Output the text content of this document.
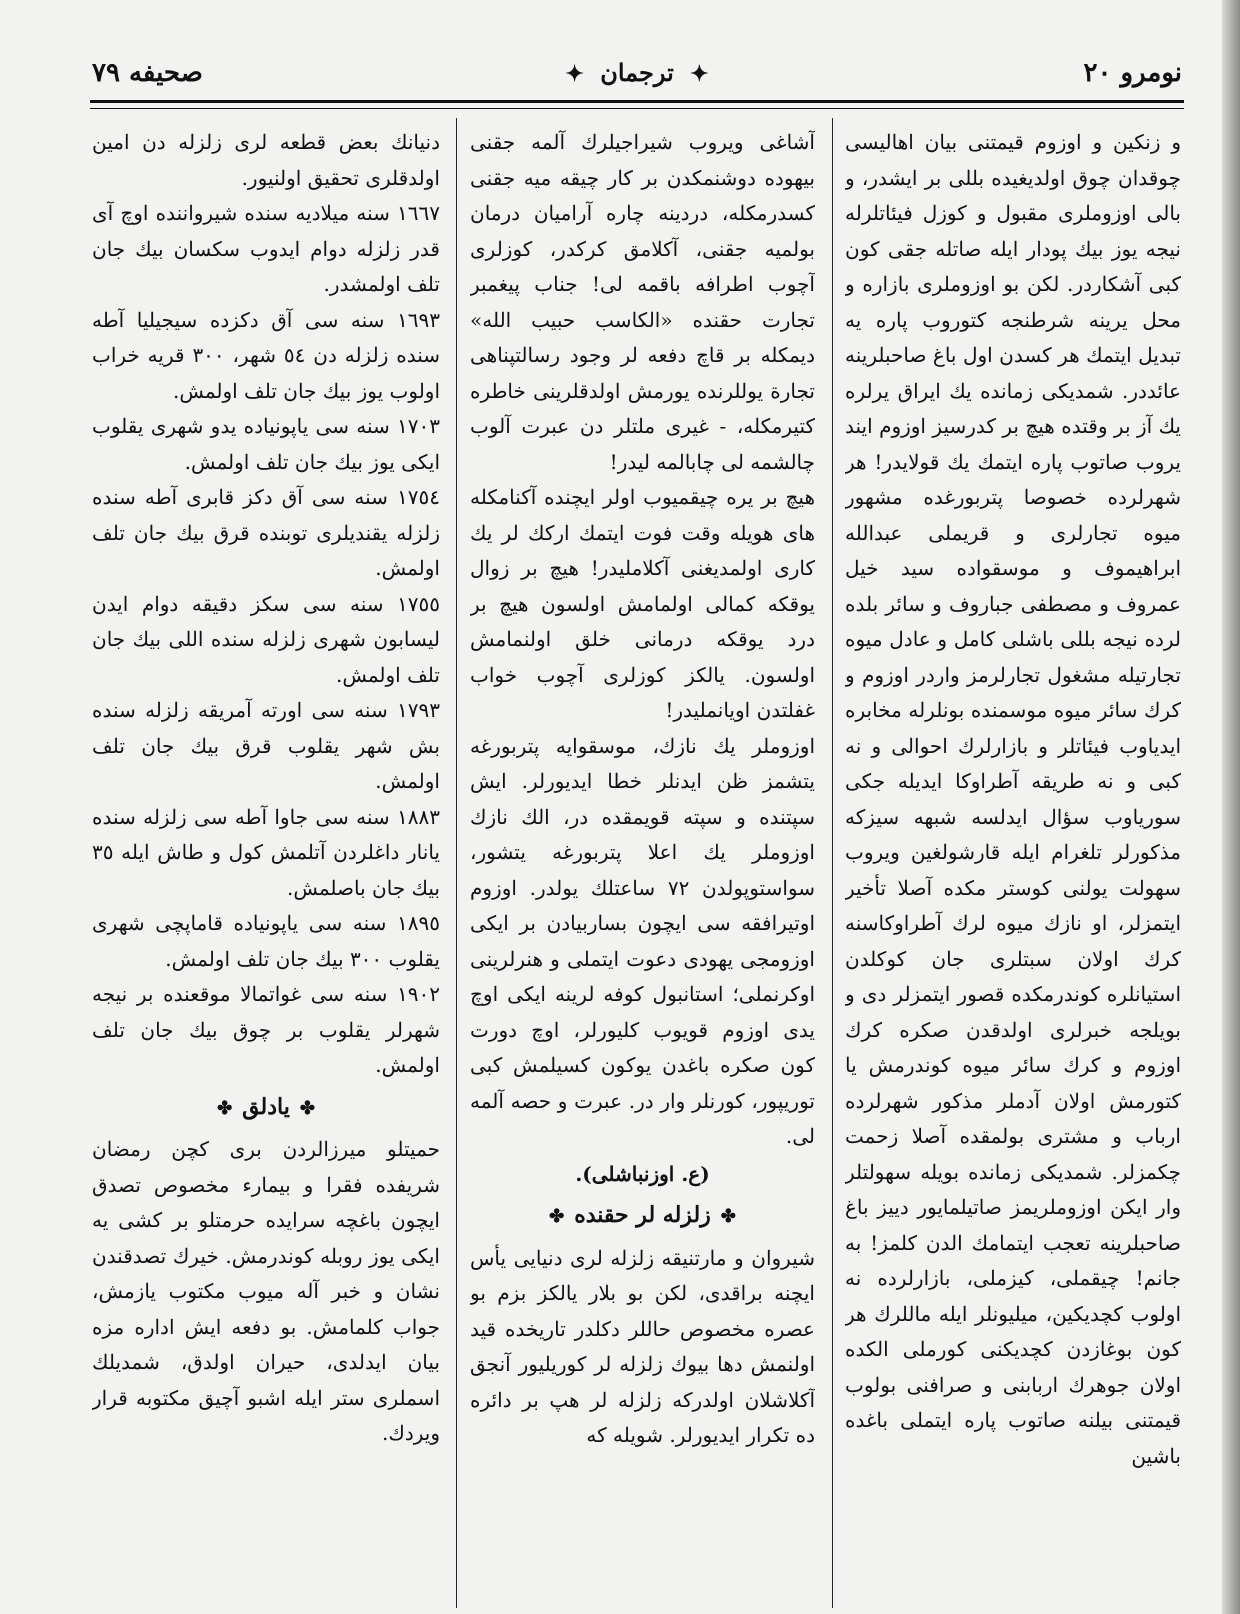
نومرو ٢٠
✦ ترجمان ✦
صحيفه ٧٩

و زنكين و اوزوم قيمتنى بيان اهاليسى چوقدان چوق اولديغيده بللى بر ايشدر، و بالى اوزوملرى مقبول و كوزل فيئاتلرله نيجه يوز بيك پودار ايله صاتله جقى كون كبى آشكاردر. لكن بو اوزوملرى بازاره و محل يرينه شرطنجه كتوروب پاره يه تبديل ايتمك هر كسدن اول باغ صاحبلرينه عائددر. شمديكى زمانده يك ايراق يرلره يك آز بر وقتده هيچ بر كدرسيز اوزوم ايند يروب صاتوب پاره ايتمك يك قولايدر! هر شهرلرده خصوصا پتربورغده مشهور ميوه تجارلرى و قريملى عبدالله ابراهيموف و موسقواده سيد خيل عمروف و مصطفى جباروف و سائر بلده لرده نيجه بللى باشلى كامل و عادل ميوه تجارتيله مشغول تجارلرمز واردر اوزوم و كرك سائر ميوه موسمنده بونلرله مخابره ايدياوب فيئاتلر و بازارلرك احوالى و نه كبى و نه طريقه آطراوكا ايديله جكى سورياوب سؤال ايدلسه شبهه سيزكه مذكورلر تلغرام ايله قارشولغين ويروب سهولت يولنى كوستر مكده آصلا تأخير ايتمزلر، او نازك ميوه لرك آطراوكاسنه كرك اولان سبتلرى جان كوكلدن استيانلره كوندرمكده قصور ايتمزلر دى و بويلجه خبرلرى اولدقدن صكره كرك اوزوم و كرك سائر ميوه كوندرمش يا كتورمش اولان آدملر مذكور شهرلرده ارباب و مشترى بولمقده آصلا زحمت چكمزلر. شمديكى زمانده بويله سهولتلر وار ايكن اوزوملريمز صاتيلمايور دييز باغ صاحبلرينه تعجب ايتمامك الدن كلمز! به جانم! چيقملى، كيزملى، بازارلرده نه اولوب كچديكين، ميليونلر ايله ماللرك هر كون بوغازدن كچديكنى كورملى الكده اولان جوهرك اربابنى و صرافنى بولوب قيمتنى بيلنه صاتوب پاره ايتملى باغده باشين

آشاغى ويروب شيراجيلرك آلمه جقنى بيهوده دوشنمكدن بر كار چيقه ميه جقنى كسدرمكله، دردينه چاره آراميان درمان بولميه جقنى، آكلامق كركدر، كوزلرى آچوب اطرافه باقمه لى! جناب پيغمبر تجارت حقنده «الكاسب حبيب الله» ديمكله بر قاچ دفعه لر وجود رسالتپناهى تجارة يوللرنده يورمش اولدقلرينى خاطره كتيرمكله، - غيرى ملتلر دن عبرت آلوب چالشمه لى چابالمه ليدر!

هيچ بر يره چيقميوب اولر ايچنده آكنامكله هاى هويله وقت فوت ايتمك اركك لر يك كارى اولمديغنى آكلامليدر! هيچ بر زوال يوقكه كمالى اولمامش اولسون هيچ بر درد يوقكه درمانى خلق اولنمامش اولسون. يالكز كوزلرى آچوب خواب غفلتدن اويانمليدر!

اوزوملر يك نازك، موسقوايه پتربورغه يتشمز ظن ايدنلر خطا ايديورلر. ايش سپتنده و سپته قويمقده در، الك نازك اوزوملر يك اعلا پتربورغه يتشور، سواستوپولدن ٧٢ ساعتلك يولدر. اوزوم اوتيرافقه سى ايچون بساربيادن بر ايكى اوزومجى يهودى دعوت ايتملى و هنرلرينى اوكرنملى؛ استانبول كوفه لرينه ايكى اوچ يدى اوزوم قويوب كليورلر، اوچ دورت كون صكره باغدن يوكون كسيلمش كبى توريپور، كورنلر وار در. عبرت و حصه آلمه لى.

(ع. اوزنباشلى).
✤زلزله لر حقنده✤

شيروان و مارتنيقه زلزله لرى دنيايى يأس ايچنه براقدى، لكن بو بلار يالكز بزم بو عصره مخصوص حاللر دكلدر تاريخده قيد اولنمش دها بيوك زلزله لر كوريليور آنجق آكلاشلان اولدركه زلزله لر هپ بر دائره ده تكرار ايديورلر. شويله كه

دنيانك بعض قطعه لرى زلزله دن امين اولدقلرى تحقيق اولنيور.

١٦٦٧ سنه ميلاديه سنده شيرواننده اوچ آى قدر زلزله دوام ايدوب سكسان بيك جان تلف اولمشدر.

١٦٩٣ سنه سى آق دكزده سيجيليا آطه سنده زلزله دن ٥٤ شهر، ٣٠٠ قريه خراب اولوب يوز بيك جان تلف اولمش.

١٧٠٣ سنه سى ياپونياده يدو شهرى يقلوب ايكى يوز بيك جان تلف اولمش.

١٧٥٤ سنه سى آق دكز قابرى آطه سنده زلزله يقنديلرى توبنده قرق بيك جان تلف اولمش.

١٧٥٥ سنه سى سكز دقيقه دوام ايدن ليسابون شهرى زلزله سنده اللى بيك جان تلف اولمش.

١٧٩٣ سنه سى اورته آمريقه زلزله سنده بش شهر يقلوب قرق بيك جان تلف اولمش.

١٨٨٣ سنه سى جاوا آطه سى زلزله سنده يانار داغلردن آتلمش كول و طاش ايله ٣٥ بيك جان باصلمش.

١٨٩٥ سنه سى ياپونياده قاماپچى شهرى يقلوب ٣٠٠ بيك جان تلف اولمش.

١٩٠٢ سنه سى غواتمالا موقعنده بر نيجه شهرلر يقلوب بر چوق بيك جان تلف اولمش.

✤يادلق✤

حميتلو ميرزالردن برى كچن رمضان شريفده فقرا و بيمارء مخصوص تصدق ايچون باغچه سرايده حرمتلو بر كشى يه ايكى يوز روبله كوندرمش. خيرك تصدقندن نشان و خبر آله ميوب مكتوب يازمش، جواب كلمامش. بو دفعه ايش اداره مزه بيان ايدلدى، حيران اولدق، شمديلك اسملرى ستر ايله اشبو آچيق مكتوبه قرار ويردك.
